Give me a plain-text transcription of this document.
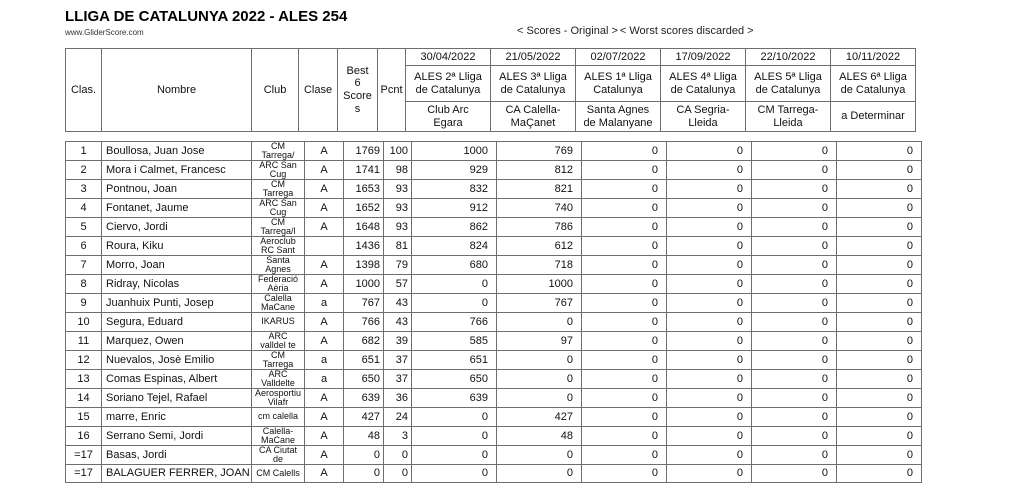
LLIGA DE CATALUNYA 2022 - ALES 254
www.GliderScore.com	< Scores - Original > < Worst scores discarded >
Clas.	Nombre	Club	Clase	Best 6 Scores	Pcnt	30/04/2022	21/05/2022	02/07/2022	17/09/2022	22/10/2022	10/11/2022
						ALES 2ª Lliga de Catalunya	ALES 3ª Lliga de Catalunya	ALES 1ª Lliga Catalunya	ALES 4ª Lliga de Catalunya	ALES 5ª Lliga de Catalunya	ALES 6ª Lliga de Catalunya
						Club Arc Egara	CA Calella-MaÇanet	Santa Agnes de Malanyane	CA Segria-Lleida	CM Tarrega-Lleida	a Determinar
1	Boullosa, Juan Jose	CM Tarrega/	A	1769	100	1000	769	0	0	0	0
2	Mora i Calmet, Francesc	ARC San Cug	A	1741	98	929	812	0	0	0	0
3	Pontnou, Joan	CM Tarrega	A	1653	93	832	821	0	0	0	0
4	Fontanet, Jaume	ARC San Cug	A	1652	93	912	740	0	0	0	0
5	Ciervo, Jordi	CM Tarrega/l	A	1648	93	862	786	0	0	0	0
6	Roura, Kiku	Aeroclub RC Sant		1436	81	824	612	0	0	0	0
7	Morro, Joan	Santa Agnes	A	1398	79	680	718	0	0	0	0
8	Ridray, Nicolas	Federació Aèria	A	1000	57	0	1000	0	0	0	0
9	Juanhuix Punti, Josep	Calella MaCane	a	767	43	0	767	0	0	0	0
10	Segura, Eduard	IKARUS	A	766	43	766	0	0	0	0	0
11	Marquez, Owen	ARC valldel te	A	682	39	585	97	0	0	0	0
12	Nuevalos, Josè Emilio	CM Tarrega	a	651	37	651	0	0	0	0	0
13	Comas Espinas, Albert	ARC Valldelte	a	650	37	650	0	0	0	0	0
14	Soriano Tejel, Rafael	Aerosportiu Vilafr	A	639	36	639	0	0	0	0	0
15	marre, Enric	cm calella	A	427	24	0	427	0	0	0	0
16	Serrano Semi, Jordi	Calella-MaCane	A	48	3	0	48	0	0	0	0
=17	Basas, Jordi	CA Ciutat de	A	0	0	0	0	0	0	0	0
=17	BALAGUER FERRER, JOAN	CM Calells	A	0	0	0	0	0	0	0	0
